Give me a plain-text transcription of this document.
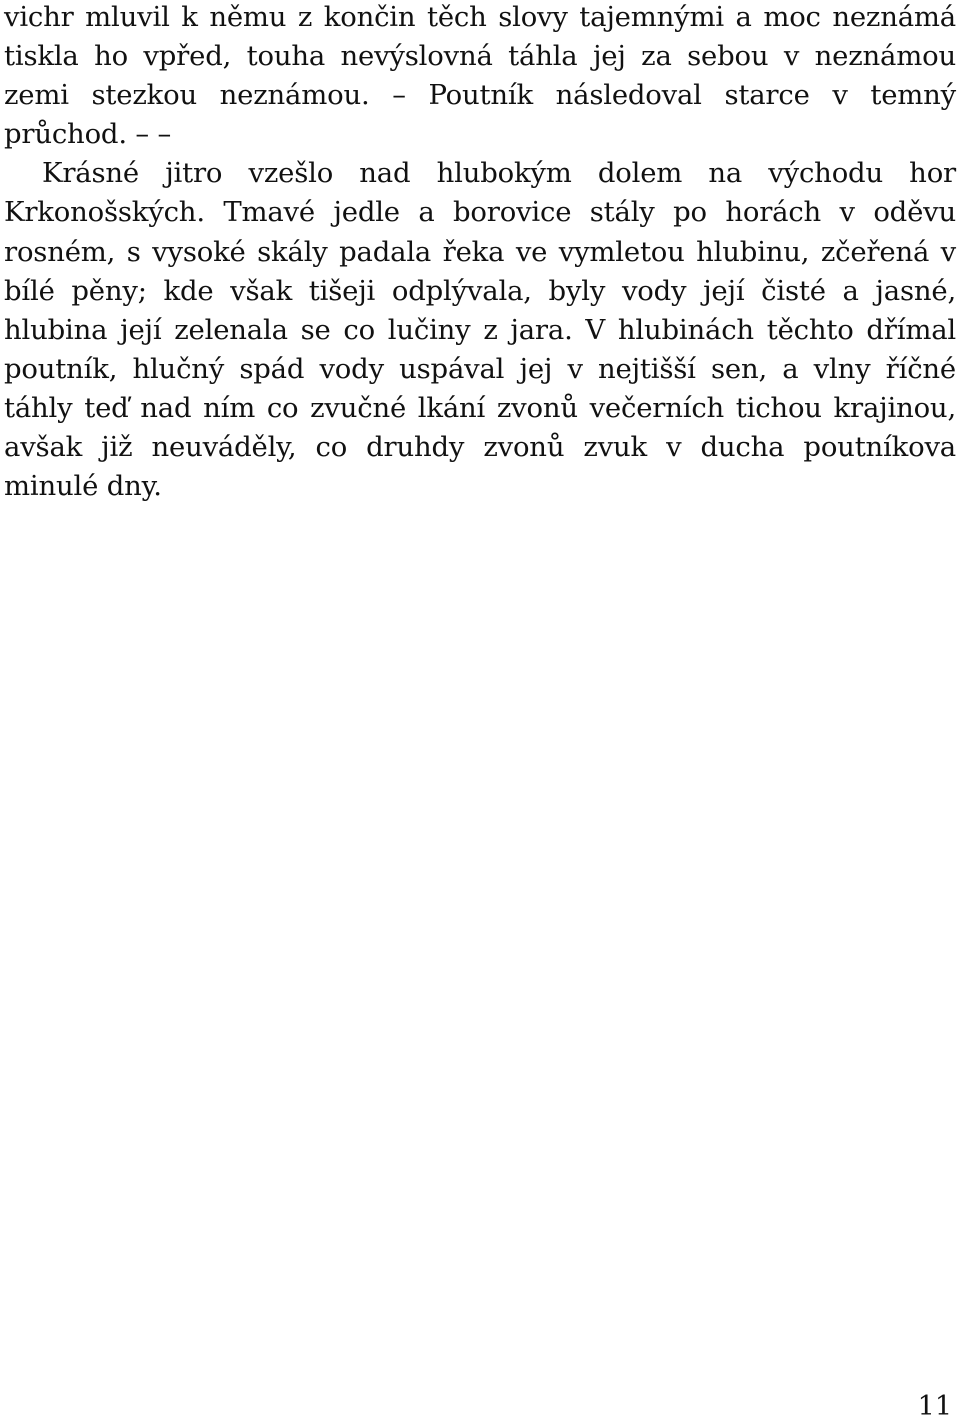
vichr mluvil k němu z končin těch slovy tajemnými a moc neznámá
tiskla ho vpřed, touha nevýslovná táhla jej za sebou v neznámou
zemi stezkou neznámou. – Poutník následoval starce v temný
průchod. – –
Krásné jitro vzešlo nad hlubokým dolem na východu hor
Krkonošských. Tmavé jedle a borovice stály po horách v oděvu
rosném, s vysoké skály padala řeka ve vymletou hlubinu, zčeřená v
bílé pěny; kde však tišeji odplývala, byly vody její čisté a jasné,
hlubina její zelenala se co lučiny z jara. V hlubinách těchto dřímal
poutník, hlučný spád vody uspával jej v nejtišší sen, a vlny říčné
táhly teď nad ním co zvučné lkání zvonů večerních tichou krajinou,
avšak již neuváděly, co druhdy zvonů zvuk v ducha poutníkova
minulé dny.
11
